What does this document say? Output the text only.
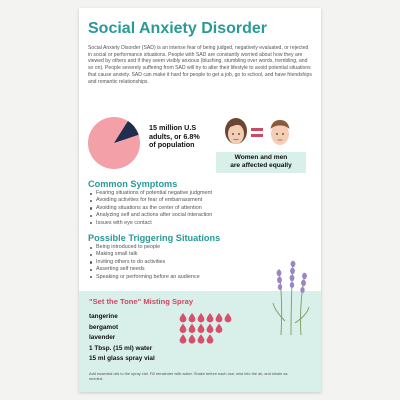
Social Anxiety Disorder

Social Anxiety Disorder (SAD) is an intense fear of being judged, negatively evaluated, or rejected in social or performance situations. People with SAD are constantly worried about how they are viewed by others and if they seem visibly anxious (blushing, stumbling over words, trembling, and so on). People severely suffering from SAD will try to alter their lifestyle to avoid potential situations that cause anxiety. SAD can make it hard for people to get a job, go to school, and have friendships and romantic relationships.

15 million U.S
adults, or 6.8%
of population
Women and men
are affected equally
Common Symptoms
Fearing situations of potential negative judgment
Avoiding activities for fear of embarrassment
Avoiding situations as the center of attention
Analyzing self and actions after social interaction
Issues with eye contact
Possible Triggering Situations
Being introduced to people
Making small talk
Inviting others to do activities
Asserting self needs
Speaking or performing before an audience
"Set the Tone" Misting Spray
tangerine
bergamot
lavender
1 Tbsp. (15 ml) water
15 ml glass spray vial
Add essential oils to the spray vial. Fill remainder with water. Shake before each use, mist into the air, and inhale as needed.
